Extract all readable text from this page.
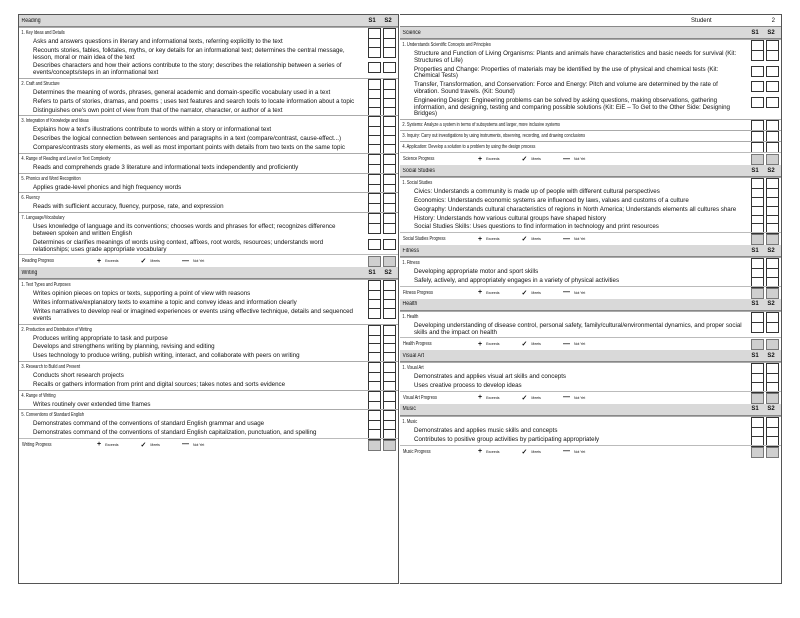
Reading	S1	S2
1. Key Ideas and Details
Asks and answers questions in literary and informational texts, referring explicitly to the text
Recounts stories, fables, folktales, myths, or key details for an informational text; determines the central message, lesson, moral or main idea of the text
Describes characters and how their actions contribute to the story; describes the relationship between a series of events/concepts/steps in an informational text
2. Craft and Structure
Determines the meaning of words, phrases, general academic and domain-specific vocabulary used in a text
Refers to parts of stories, dramas, and poems ; uses text features and search tools to locate information about a topic
Distinguishes one's own point of view from that of the narrator, character, or author of a text
3. Integration of Knowledge and Ideas
Explains how a text's illustrations contribute to words within a story or informational text
Describes the logical connection between sentences and paragraphs in a text (compare/contrast, cause-effect...)
Compares/contrasts story elements, as well as most important points with details from two texts on the same topic
4. Range of Reading and Level or Text Complexity
Reads and comprehends grade 3 literature and informational texts independently and proficiently
5. Phonics and Word Recognition
Applies grade-level phonics and high frequency words
6. Fluency
Reads with sufficient accuracy, fluency, purpose, rate, and expression
7. Language/Vocabulary
Uses knowledge of language and its conventions; chooses words and phrases for effect; recognizes difference between spoken and written English
Determines or clarifies meanings of words using context, affixes, root words, resources; understands word relationships; uses grade appropriate vocabulary
Reading Progress	+ Exceeds	✓ Meets	— Not Yet
Writing	S1	S2
1. Text Types and Purposes
Writes opinion pieces on topics or texts, supporting a point of view with reasons
Writes informative/explanatory texts to examine a topic and convey ideas and information clearly
Writes narratives to develop real or imagined experiences or events using effective technique, details and sequenced events
2. Production and Distribution of Writing
Produces writing appropriate to task and purpose
Develops and strengthens writing by planning, revising and editing
Uses technology to produce writing, publish writing, interact, and collaborate with peers on writing
3. Research to Build and Present
Conducts short research projects
Recalls or gathers information from print and digital sources; takes notes and sorts evidence
4. Range of Writing
Writes routinely over extended time frames
5. Conventions of Standard English
Demonstrates command of the conventions of standard English grammar and usage
Demonstrates command of the conventions of standard English capitalization, punctuation, and spelling
Writing Progress	+ Exceeds	✓ Meets	— Not Yet
Student	2
Science	S1	S2
1. Understands Scientific Concepts and Principles
Structure and Function of Living Organisms: Plants and animals have characteristics and basic needs for survival (Kit: Structures of Life)
Properties and Change: Properties of materials may be identified by the use of physical and chemical tests (Kit: Chemical Tests)
Transfer, Transformation, and Conservation: Force and Energy: Pitch and volume are determined by the rate of vibration. Sound travels. (Kit: Sound)
Engineering Design: Engineering problems can be solved by asking questions, making observations, gathering information, and designing, testing and comparing possible solutions (Kit: EiE – To Get to the Other Side: Designing Bridges)
2. Systems: Analyze a system in terms of subsystems and larger, more inclusive systems
3. Inquiry: Carry out investigations by using instruments, observing, recording, and drawing conclusions
4. Application: Develop a solution to a problem by using the design process
Science Progress	+ Exceeds	✓ Meets	— Not Yet
Social Studies	S1	S2
1. Social Studies
Civics: Understands a community is made up of people with different cultural perspectives
Economics: Understands economic systems are influenced by laws, values and customs of a culture
Geography: Understands cultural characteristics of regions in North America; Understands elements all cultures share
History: Understands how various cultural groups have shaped history
Social Studies Skills: Uses questions to find information in technology and print resources
Social Studies Progress	+ Exceeds	✓ Meets	— Not Yet
Fitness	S1	S2
1. Fitness
Developing appropriate motor and sport skills
Safely, actively, and appropriately engages in a variety of physical activities
Fitness Progress	+ Exceeds	✓ Meets	— Not Yet
Health	S1	S2
1. Health
Developing understanding of disease control, personal safety, family/cultural/environmental dynamics, and proper social skills and the impact on health
Health Progress	+ Exceeds	✓ Meets	— Not Yet
Visual Art	S1	S2
1. Visual Art
Demonstrates and applies visual art skills and concepts
Uses creative process to develop ideas
Visual Art Progress	+ Exceeds	✓ Meets	— Not Yet
Music	S1	S2
1. Music
Demonstrates and applies music skills and concepts
Contributes to positive group activities by participating appropriately
Music Progress	+ Exceeds	✓ Meets	— Not Yet
